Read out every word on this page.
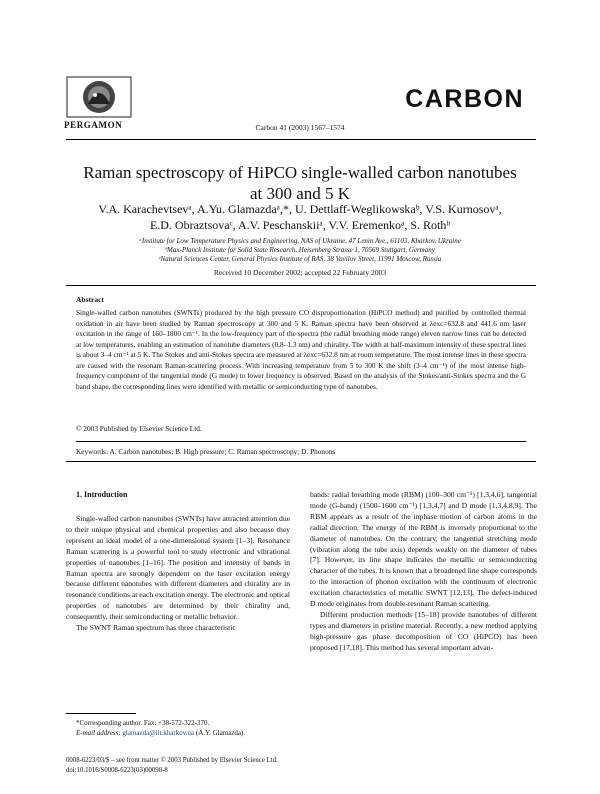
PERGAMON	Carbon 41 (2003) 1567–1574
CARBON
Raman spectroscopy of HiPCO single-walled carbon nanotubes
at 300 and 5 K
V.A. Karachevtsevᵃ, A.Yu. Glamazdaᵃ,*, U. Dettlaff-Weglikowskaᵇ, V.S. Kurnosovᵃ,
E.D. Obraztsovaᶜ, A.V. Peschanskiiᵃ, V.V. Eremenkoᵃ, S. Rothᵇ
ᵃInstitute for Low Temperature Physics and Engineering, NAS of Ukraine, 47 Lenin Ave., 61103, Kharkov, Ukraine
ᵇMax-Planck Institute for Solid State Research, Heisenberg Strasse 1, 70569 Stuttgart, Germany
ᶜNatural Sciences Center, General Physics Institute of RAS, 38 Vavilov Street, 11991 Moscow, Russia
Received 10 December 2002; accepted 22 February 2003
Abstract
Single-walled carbon nanotubes (SWNTs) produced by the high pressure CO disproportionation (HiPCO method) and purified by controlled thermal oxidation in air have been studied by Raman spectroscopy at 300 and 5 K. Raman spectra have been observed at λexc=632.8 and 441.6 nm laser excitation in the range of 160–1800 cm⁻¹. In the low-frequency part of the spectra (the radial breathing mode range) eleven narrow lines can be detected at low temperatures, enabling an estimation of nanotube diameters (0.8–1.3 nm) and chirality. The width at half-maximum intensity of these spectral lines is about 3–4 cm⁻¹ at 5 K. The Stokes and anti-Stokes spectra are measured at λexc=632.8 nm at room temperature. The most intense lines in these spectra are caused with the resonant Raman-scattering process. With increasing temperature from 5 to 300 K the shift (3–4 cm⁻¹) of the most intense high-frequency component of the tangential mode (G mode) to lower frequency is observed. Based on the analysis of the Stokes/anti-Stokes spectra and the G band shape, the corresponding lines were identified with metallic or semiconducting type of nanotubes.
© 2003 Published by Elsevier Science Ltd.
Keywords: A. Carbon nanotubes; B. High pressure; C. Raman spectroscopy; D. Phonons
1. Introduction

Single-walled carbon nanotubes (SWNTs) have attracted attention due to their unique physical and chemical properties and also because they represent an ideal model of a one-dimensional system [1–3]. Resonance Raman scattering is a powerful tool to study electronic and vibrational properties of nanotubes [1–16]. The position and intensity of bands in Raman spectra are strongly dependent on the laser excitation energy because different nanotubes with different diameters and chirality are in resonance conditions at each excitation energy. The electronic and optical properties of nanotubes are determined by their chirality and, consequently, their semiconducting or metallic behavior.

The SWNT Raman spectrum has three characteristic

bands: radial breathing mode (RBM) (100–300 cm⁻¹) [1,3,4,6], tangential mode (G-band) (1500–1600 cm⁻¹) [1,3,4,7] and D mode [1,3,4,8,9]. The RBM appears as a result of the inphase motion of carbon atoms in the radial direction. The energy of the RBM is inversely proportional to the diameter of nanotubes. On the contrary, the tangential stretching mode (vibration along the tube axis) depends weakly on the diameter of tubes [7]. However, its line shape indicates the metallic or semiconducting character of the tubes. It is known that a broadened line shape corresponds to the interaction of phonon excitation with the continuum of electronic excitation characteristics of metallic SWNT [12,13]. The defect-induced D mode originates from double-resonant Raman scattering.

Different production methods [15–18] provide nanotubes of different types and diameters in pristine material. Recently, a new method applying high-pressure gas phase decomposition of CO (HiPCO) has been proposed [17,18]. This method has several important advan-

*Corresponding author. Fax: +38-572-322-370.
E-mail address: glamazda@ilt.kharkov.ua (A.Y. Glamazda).
0008-6223/03/$ – see front matter © 2003 Published by Elsevier Science Ltd.
doi:10.1016/S0008-6223(03)00098-8
